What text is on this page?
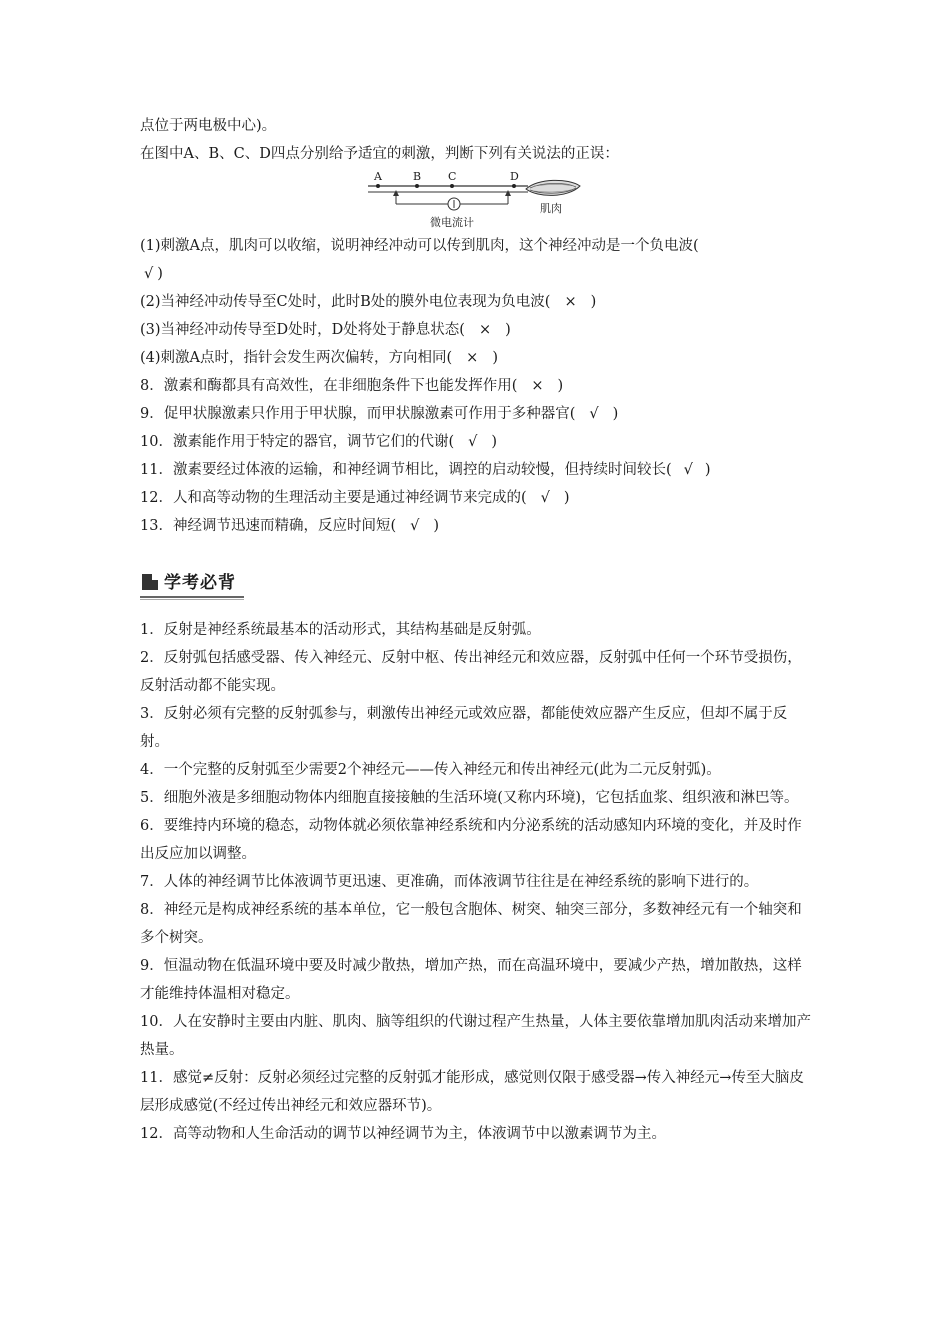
点位于两电极中心)。
在图中A、B、C、D四点分别给予适宜的刺激，判断下列有关说法的正误：
A	B C	D
微电流计
肌肉
(1)刺激A点，肌肉可以收缩，说明神经冲动可以传到肌肉，这个神经冲动是一个负电波(
√ )
(2)当神经冲动传导至C处时，此时B处的膜外电位表现为负电波( × )
(3)当神经冲动传导至D处时，D处将处于静息状态( × )
(4)刺激A点时，指针会发生两次偏转，方向相同( × )
8．激素和酶都具有高效性，在非细胞条件下也能发挥作用( × )
9．促甲状腺激素只作用于甲状腺，而甲状腺激素可作用于多种器官( √ )
10．激素能作用于特定的器官，调节它们的代谢( √ )
11．激素要经过体液的运输，和神经调节相比，调控的启动较慢，但持续时间较长( √ )
12．人和高等动物的生理活动主要是通过神经调节来完成的( √ )
13．神经调节迅速而精确，反应时间短( √ )
学考必背
1．反射是神经系统最基本的活动形式，其结构基础是反射弧。
2．反射弧包括感受器、传入神经元、反射中枢、传出神经元和效应器，反射弧中任何一个环节受损伤，反射活动都不能实现。
3．反射必须有完整的反射弧参与，刺激传出神经元或效应器，都能使效应器产生反应，但却不属于反射。
4．一个完整的反射弧至少需要2个神经元——传入神经元和传出神经元(此为二元反射弧)。
5．细胞外液是多细胞动物体内细胞直接接触的生活环境(又称内环境)，它包括血浆、组织液和淋巴等。
6．要维持内环境的稳态，动物体就必须依靠神经系统和内分泌系统的活动感知内环境的变化，并及时作出反应加以调整。
7．人体的神经调节比体液调节更迅速、更准确，而体液调节往往是在神经系统的影响下进行的。
8．神经元是构成神经系统的基本单位，它一般包含胞体、树突、轴突三部分，多数神经元有一个轴突和多个树突。
9．恒温动物在低温环境中要及时减少散热，增加产热，而在高温环境中，要减少产热，增加散热，这样才能维持体温相对稳定。
10．人在安静时主要由内脏、肌肉、脑等组织的代谢过程产生热量，人体主要依靠增加肌肉活动来增加产热量。
11．感觉≠反射：反射必须经过完整的反射弧才能形成，感觉则仅限于感受器→传入神经元→传至大脑皮层形成感觉(不经过传出神经元和效应器环节)。
12．高等动物和人生命活动的调节以神经调节为主，体液调节中以激素调节为主。
